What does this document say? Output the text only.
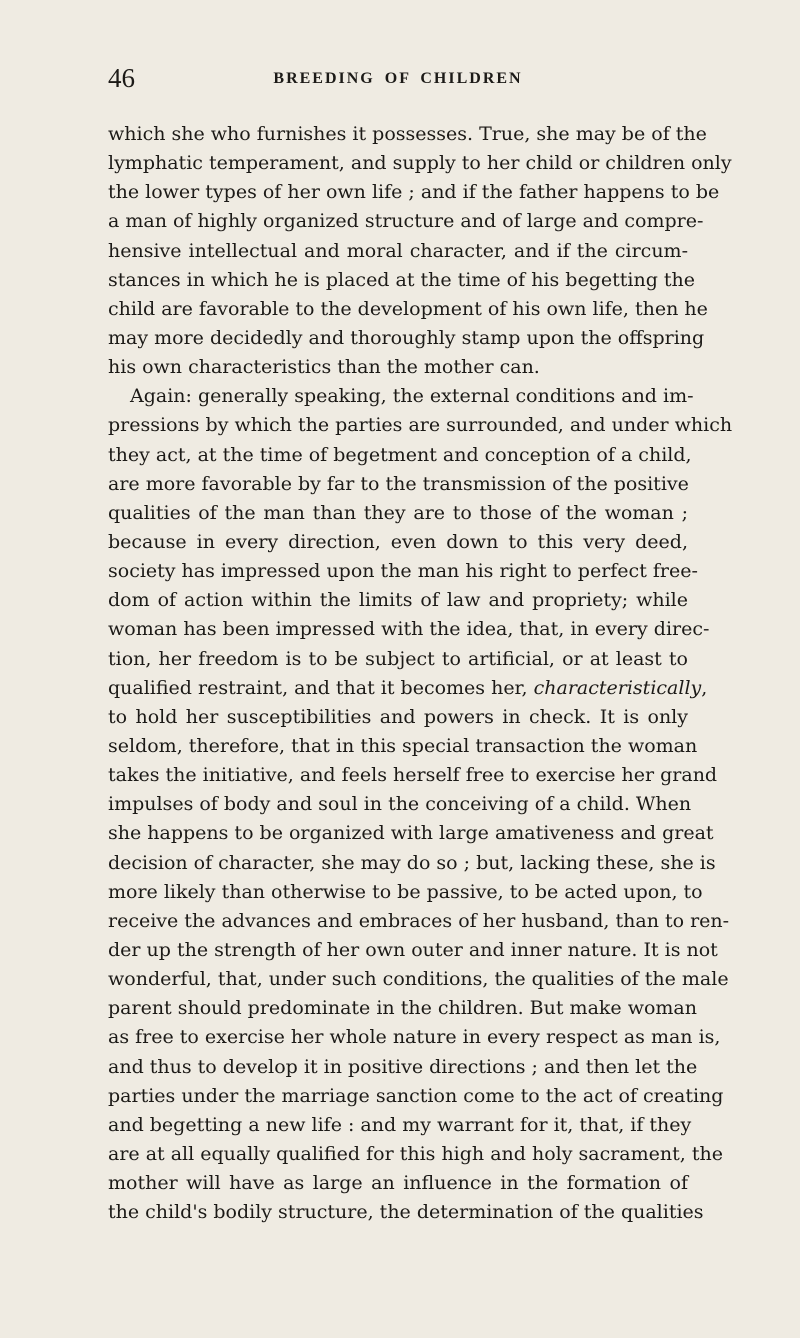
46	BREEDING OF CHILDREN
which she who furnishes it possesses. True, she may be of the
lymphatic temperament, and supply to her child or children only
the lower types of her own life ; and if the father happens to be
a man of highly organized structure and of large and compre-
hensive intellectual and moral character, and if the circum-
stances in which he is placed at the time of his begetting the
child are favorable to the development of his own life, then he
may more decidedly and thoroughly stamp upon the offspring
his own characteristics than the mother can.
Again: generally speaking, the external conditions and im-
pressions by which the parties are surrounded, and under which
they act, at the time of begetment and conception of a child,
are more favorable by far to the transmission of the positive
qualities of the man than they are to those of the woman ;
because in every direction, even down to this very deed,
society has impressed upon the man his right to perfect free-
dom of action within the limits of law and propriety; while
woman has been impressed with the idea, that, in every direc-
tion, her freedom is to be subject to artificial, or at least to
qualified restraint, and that it becomes her, characteristically,
to hold her susceptibilities and powers in check. It is only
seldom, therefore, that in this special transaction the woman
takes the initiative, and feels herself free to exercise her grand
impulses of body and soul in the conceiving of a child. When
she happens to be organized with large amativeness and great
decision of character, she may do so ; but, lacking these, she is
more likely than otherwise to be passive, to be acted upon, to
receive the advances and embraces of her husband, than to ren-
der up the strength of her own outer and inner nature. It is not
wonderful, that, under such conditions, the qualities of the male
parent should predominate in the children. But make woman
as free to exercise her whole nature in every respect as man is,
and thus to develop it in positive directions ; and then let the
parties under the marriage sanction come to the act of creating
and begetting a new life : and my warrant for it, that, if they
are at all equally qualified for this high and holy sacrament, the
mother will have as large an influence in the formation of
the child's bodily structure, the determination of the qualities
